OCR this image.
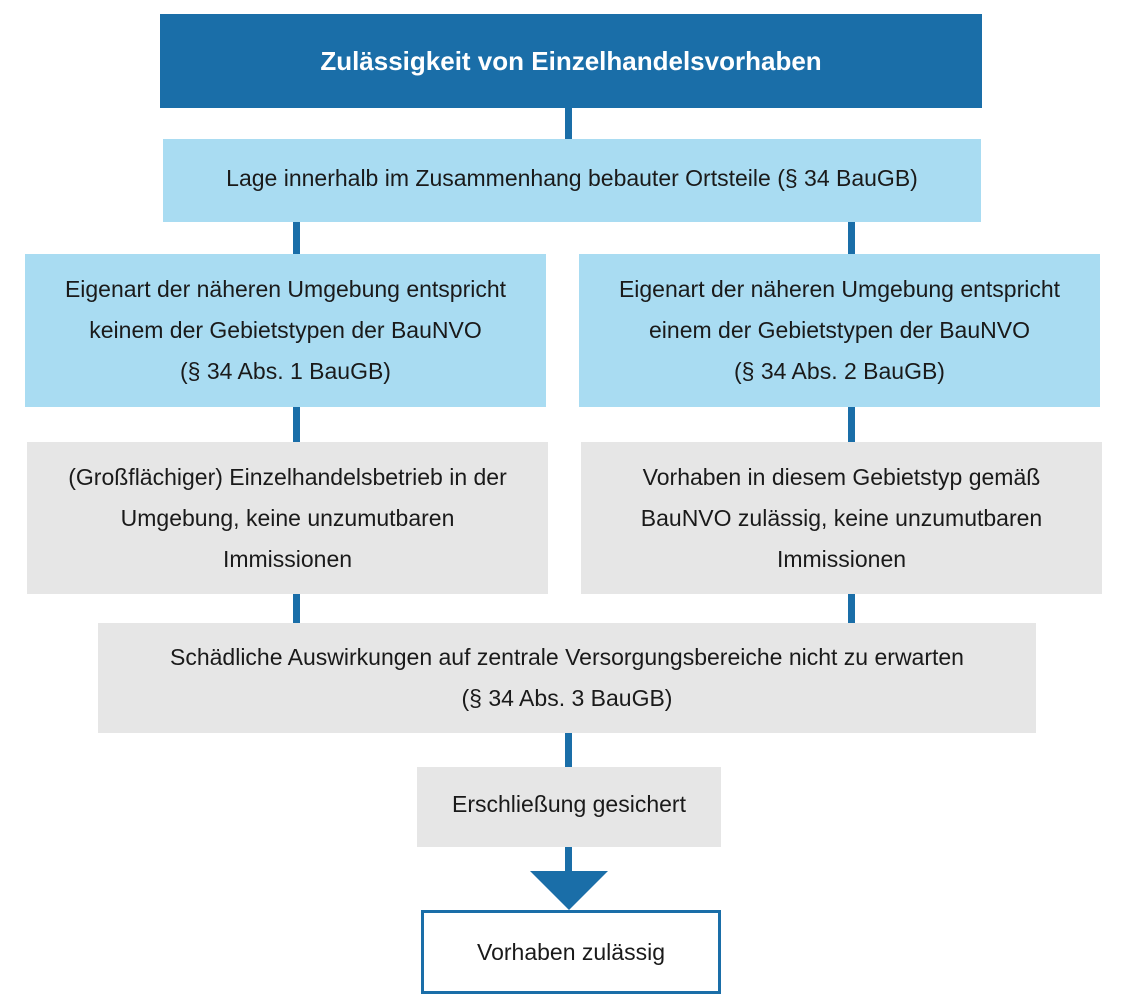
Zulässigkeit von Einzelhandelsvorhaben
Lage innerhalb im Zusammenhang bebauter Ortsteile (§ 34 BauGB)
Eigenart der näheren Umgebung entspricht
keinem der Gebietstypen der BauNVO
(§ 34 Abs. 1 BauGB)
Eigenart der näheren Umgebung entspricht
einem der Gebietstypen der BauNVO
(§ 34 Abs. 2 BauGB)
(Großflächiger) Einzelhandelsbetrieb in der
Umgebung, keine unzumutbaren
Immissionen
Vorhaben in diesem Gebietstyp gemäß
BauNVO zulässig, keine unzumutbaren
Immissionen
Schädliche Auswirkungen auf zentrale Versorgungsbereiche nicht zu erwarten
(§ 34 Abs. 3 BauGB)
Erschließung gesichert
Vorhaben zulässig
